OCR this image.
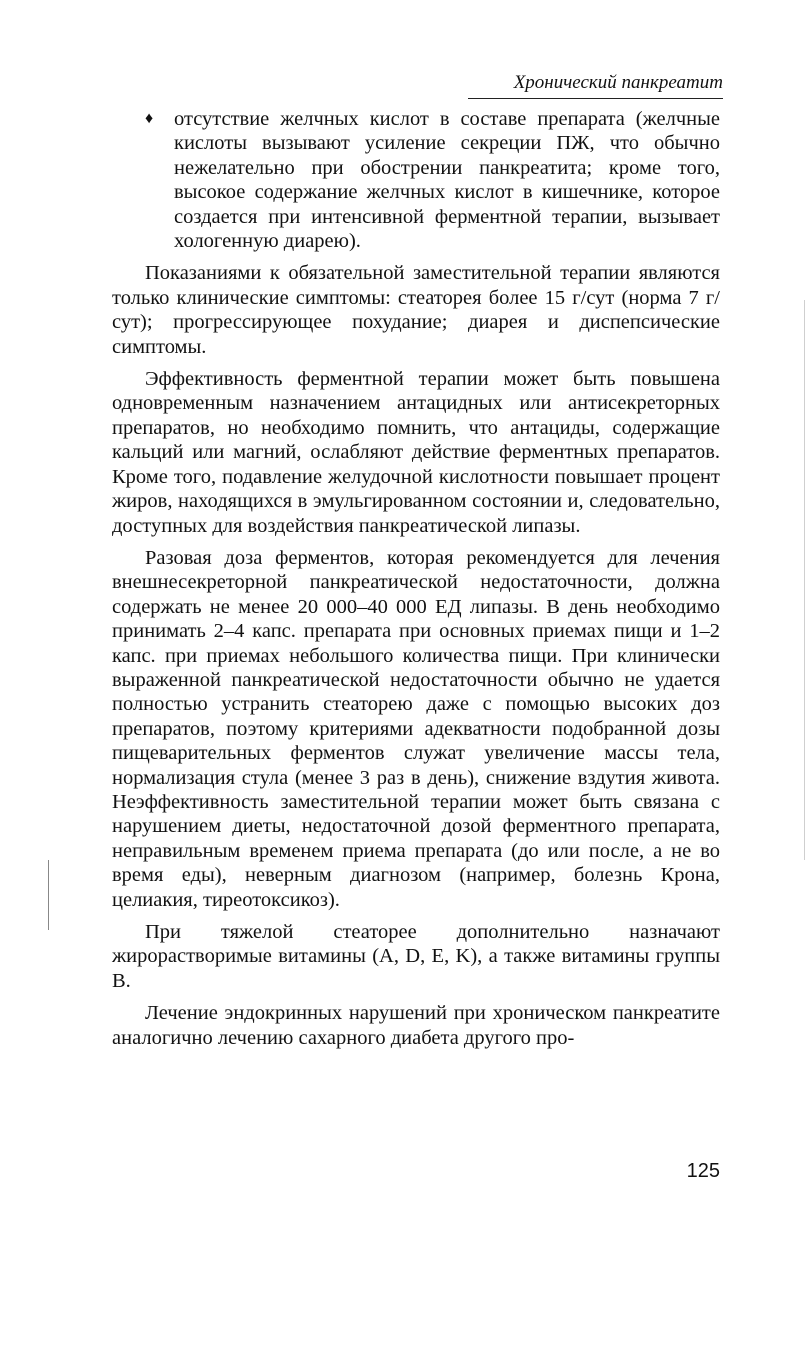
Хронический панкреатит

♦ отсутствие желчных кислот в составе препарата (желчные кислоты вызывают усиление секреции ПЖ, что обычно нежелательно при обострении панкреатита; кроме того, высокое содержание желчных кислот в кишечнике, которое создается при интенсивной ферментной терапии, вызывает хологенную диарею).

Показаниями к обязательной заместительной терапии являются только клинические симптомы: стеаторея более 15 г/сут (норма 7 г/сут); прогрессирующее похудание; диарея и диспепсические симптомы.

Эффективность ферментной терапии может быть повышена одновременным назначением антацидных или антисекреторных препаратов, но необходимо помнить, что антациды, содержащие кальций или магний, ослабляют действие ферментных препаратов. Кроме того, подавление желудочной кислотности повышает процент жиров, находящихся в эмульгированном состоянии и, следовательно, доступных для воздействия панкреатической липазы.

Разовая доза ферментов, которая рекомендуется для лечения внешнесекреторной панкреатической недостаточности, должна содержать не менее 20 000–40 000 ЕД липазы. В день необходимо принимать 2–4 капс. препарата при основных приемах пищи и 1–2 капс. при приемах небольшого количества пищи. При клинически выраженной панкреатической недостаточности обычно не удается полностью устранить стеаторею даже с помощью высоких доз препаратов, поэтому критериями адекватности подобранной дозы пищеварительных ферментов служат увеличение массы тела, нормализация стула (менее 3 раз в день), снижение вздутия живота. Неэффективность заместительной терапии может быть связана с нарушением диеты, недостаточной дозой ферментного препарата, неправильным временем приема препарата (до или после, а не во время еды), неверным диагнозом (например, болезнь Крона, целиакия, тиреотоксикоз).

При тяжелой стеаторее дополнительно назначают жирорастворимые витамины (A, D, E, K), а также витамины группы B.

Лечение эндокринных нарушений при хроническом панкреатите аналогично лечению сахарного диабета другого про-

125
